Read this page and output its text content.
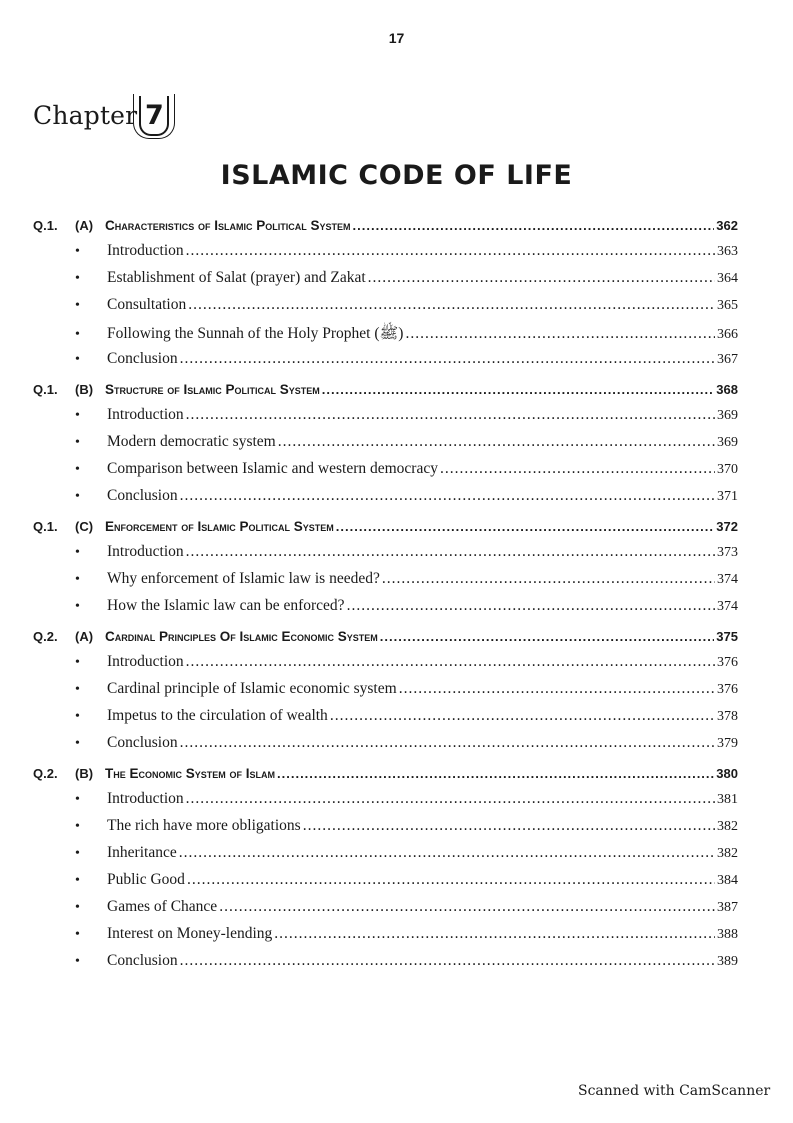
17
Chapter 7
ISLAMIC CODE OF LIFE
Q.1.	(A) Characteristics of Islamic Political System .....	362
•	Introduction .....	363
•	Establishment of Salat (prayer) and Zakat .....	364
•	Consultation .....	365
•	Following the Sunnah of the Holy Prophet (ﷺ) .....	366
•	Conclusion .....	367
Q.1.	(B) Structure of Islamic Political System .....	368
•	Introduction .....	369
•	Modern democratic system .....	369
•	Comparison between Islamic and western democracy .....	370
•	Conclusion .....	371
Q.1.	(C) Enforcement of Islamic Political System .....	372
•	Introduction .....	373
•	Why enforcement of Islamic law is needed? .....	374
•	How the Islamic law can be enforced? .....	374
Q.2.	(A) Cardinal Principles Of Islamic Economic System .....	375
•	Introduction .....	376
•	Cardinal principle of Islamic economic system .....	376
•	Impetus to the circulation of wealth .....	378
•	Conclusion .....	379
Q.2.	(B) The Economic System of Islam .....	380
•	Introduction .....	381
•	The rich have more obligations .....	382
•	Inheritance .....	382
•	Public Good .....	384
•	Games of Chance .....	387
•	Interest on Money-lending .....	388
•	Conclusion .....	389
Scanned with CamScanner
